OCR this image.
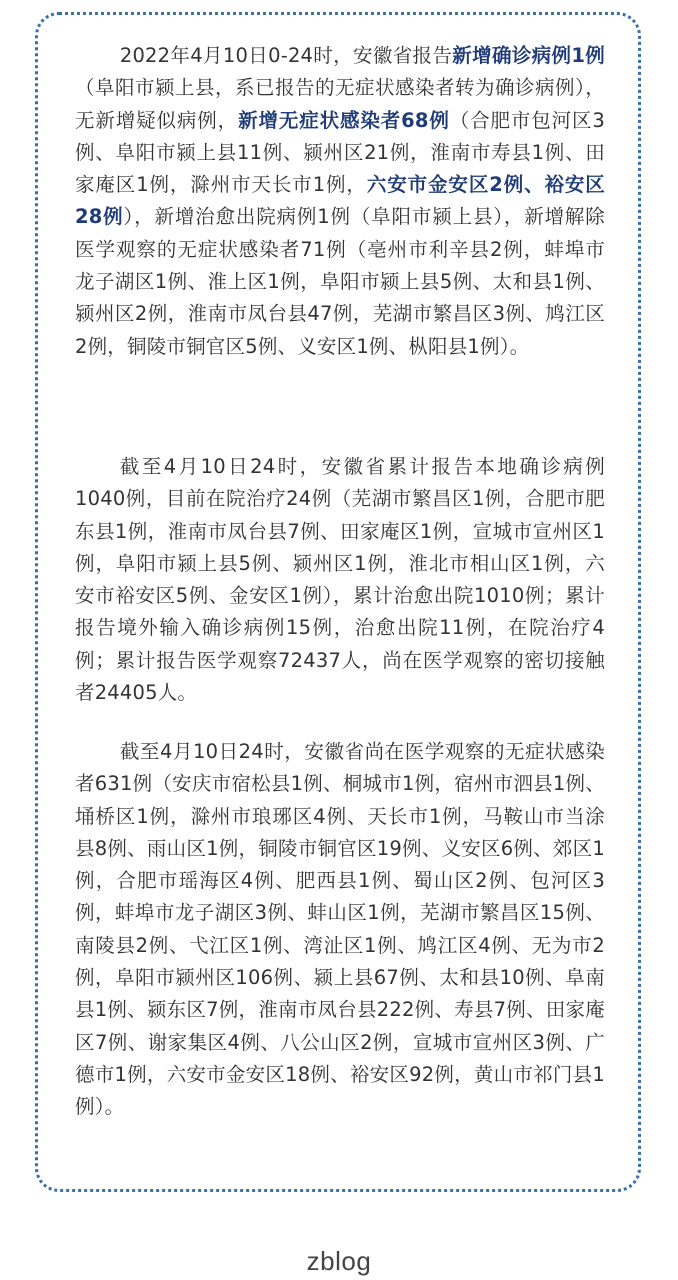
2022年4月10日0-24时，安徽省报告新增确诊病例1例（阜阳市颍上县，系已报告的无症状感染者转为确诊病例），无新增疑似病例，新增无症状感染者68例（合肥市包河区3例、阜阳市颍上县11例、颍州区21例，淮南市寿县1例、田家庵区1例，滁州市天长市1例，六安市金安区2例、裕安区28例），新增治愈出院病例1例（阜阳市颍上县），新增解除医学观察的无症状感染者71例（亳州市利辛县2例，蚌埠市龙子湖区1例、淮上区1例，阜阳市颍上县5例、太和县1例、颍州区2例，淮南市凤台县47例，芜湖市繁昌区3例、鸠江区2例，铜陵市铜官区5例、义安区1例、枞阳县1例）。

截至4月10日24时，安徽省累计报告本地确诊病例1040例，目前在院治疗24例（芜湖市繁昌区1例，合肥市肥东县1例，淮南市凤台县7例、田家庵区1例，宣城市宣州区1例，阜阳市颍上县5例、颍州区1例，淮北市相山区1例，六安市裕安区5例、金安区1例），累计治愈出院1010例；累计报告境外输入确诊病例15例，治愈出院11例，在院治疗4例；累计报告医学观察72437人，尚在医学观察的密切接触者24405人。

截至4月10日24时，安徽省尚在医学观察的无症状感染者631例（安庆市宿松县1例、桐城市1例，宿州市泗县1例、埇桥区1例，滁州市琅琊区4例、天长市1例，马鞍山市当涂县8例、雨山区1例，铜陵市铜官区19例、义安区6例、郊区1例，合肥市瑶海区4例、肥西县1例、蜀山区2例、包河区3例，蚌埠市龙子湖区3例、蚌山区1例，芜湖市繁昌区15例、南陵县2例、弋江区1例、湾沚区1例、鸠江区4例、无为市2例，阜阳市颍州区106例、颍上县67例、太和县10例、阜南县1例、颍东区7例，淮南市凤台县222例、寿县7例、田家庵区7例、谢家集区4例、八公山区2例，宣城市宣州区3例、广德市1例，六安市金安区18例、裕安区92例，黄山市祁门县1例）。

zblog
